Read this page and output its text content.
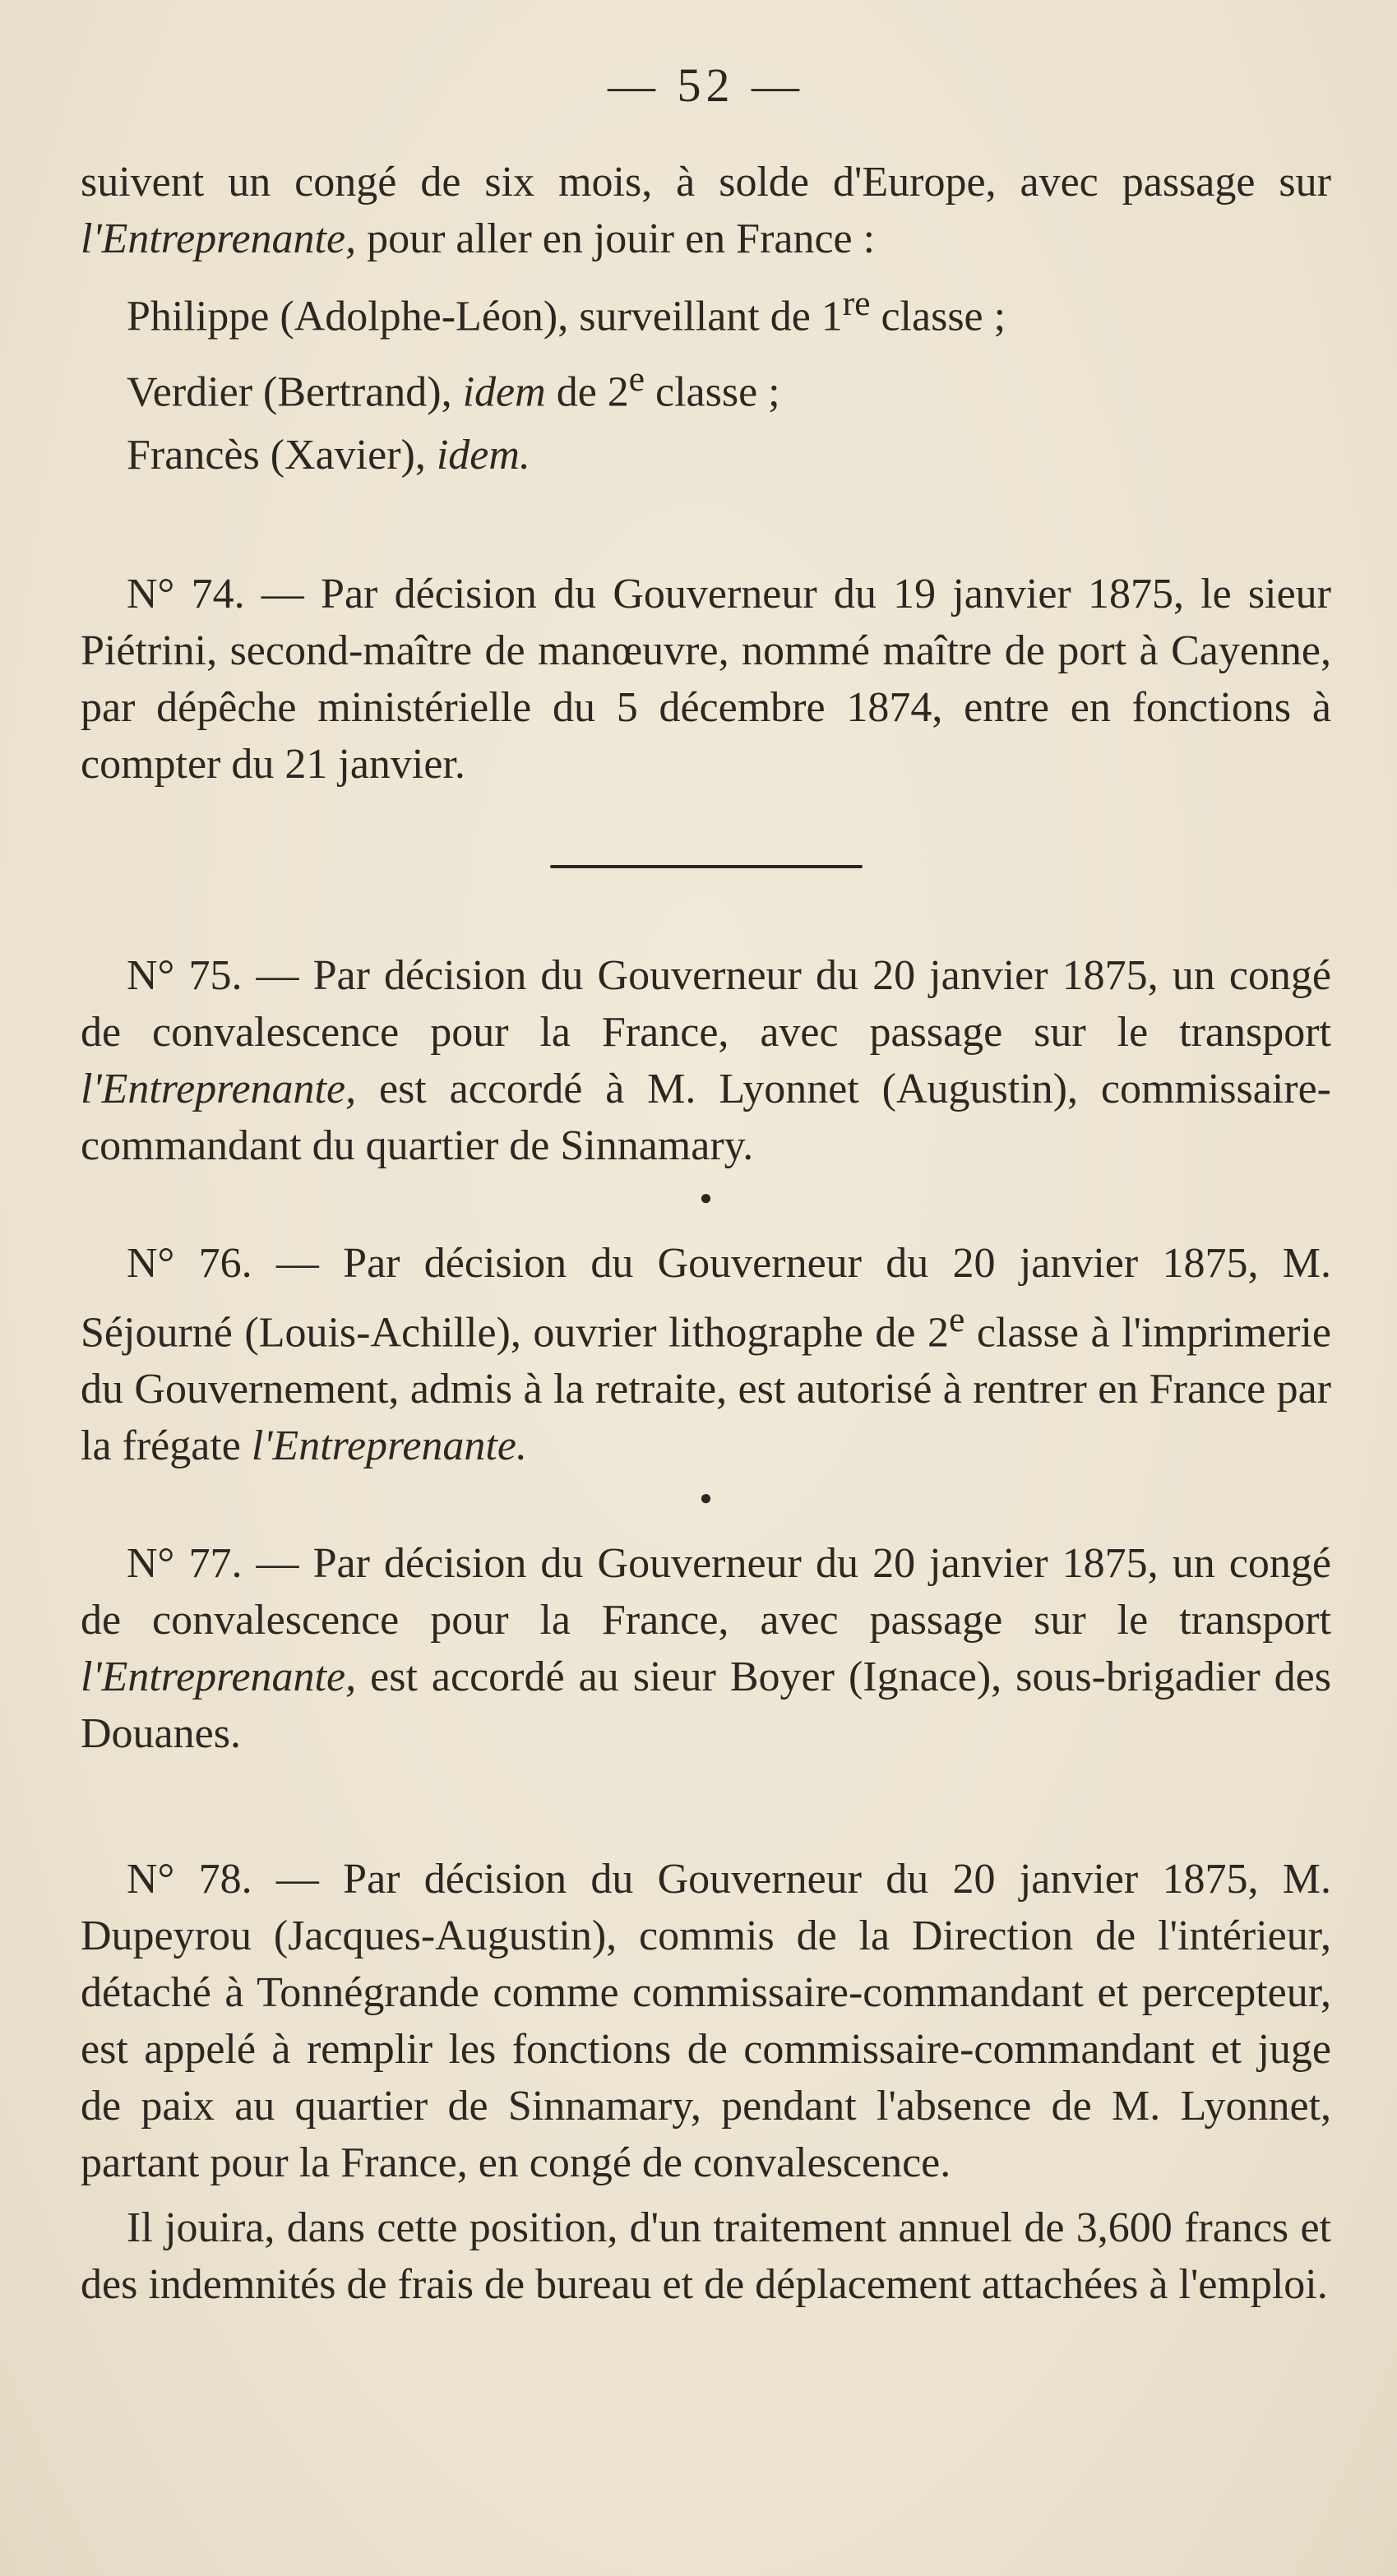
— 52 —

suivent un congé de six mois, à solde d'Europe, avec passage sur l'Entreprenante, pour aller en jouir en France :

Philippe (Adolphe-Léon), surveillant de 1re classe ;
Verdier (Bertrand), idem de 2e classe ;
Francès (Xavier), idem.

N° 74. — Par décision du Gouverneur du 19 janvier 1875, le sieur Piétrini, second-maître de manœuvre, nommé maître de port à Cayenne, par dépêche ministérielle du 5 décembre 1874, entre en fonctions à compter du 21 janvier.

N° 75. — Par décision du Gouverneur du 20 janvier 1875, un congé de convalescence pour la France, avec passage sur le transport l'Entreprenante, est accordé à M. Lyonnet (Augustin), commissaire-commandant du quartier de Sinnamary.

●

N° 76. — Par décision du Gouverneur du 20 janvier 1875, M. Séjourné (Louis-Achille), ouvrier lithographe de 2e classe à l'imprimerie du Gouvernement, admis à la retraite, est autorisé à rentrer en France par la frégate l'Entreprenante.

●

N° 77. — Par décision du Gouverneur du 20 janvier 1875, un congé de convalescence pour la France, avec passage sur le transport l'Entreprenante, est accordé au sieur Boyer (Ignace), sous-brigadier des Douanes.

N° 78. — Par décision du Gouverneur du 20 janvier 1875, M. Dupeyrou (Jacques-Augustin), commis de la Direction de l'intérieur, détaché à Tonnégrande comme commissaire-commandant et percepteur, est appelé à remplir les fonctions de commissaire-commandant et juge de paix au quartier de Sinnamary, pendant l'absence de M. Lyonnet, partant pour la France, en congé de convalescence.

Il jouira, dans cette position, d'un traitement annuel de 3,600 francs et des indemnités de frais de bureau et de déplacement attachées à l'emploi.
